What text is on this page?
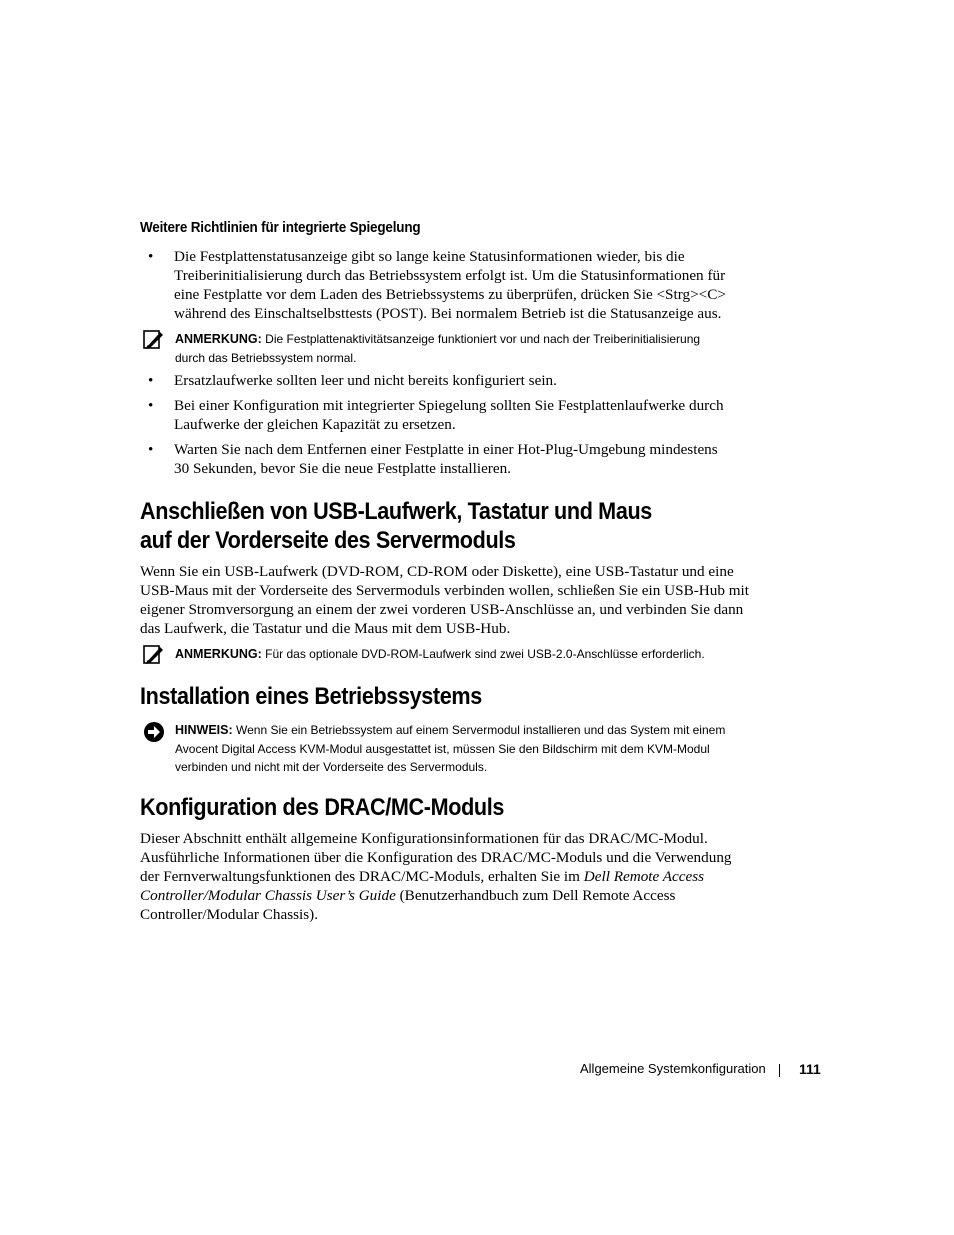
Weitere Richtlinien für integrierte Spiegelung
• Die Festplattenstatusanzeige gibt so lange keine Statusinformationen wieder, bis die
Treiberinitialisierung durch das Betriebssystem erfolgt ist. Um die Statusinformationen für
eine Festplatte vor dem Laden des Betriebssystems zu überprüfen, drücken Sie <Strg><C>
während des Einschaltselbsttests (POST). Bei normalem Betrieb ist die Statusanzeige aus.
ANMERKUNG: Die Festplattenaktivitätsanzeige funktioniert vor und nach der Treiberinitialisierung
durch das Betriebssystem normal.
• Ersatzlaufwerke sollten leer und nicht bereits konfiguriert sein.
• Bei einer Konfiguration mit integrierter Spiegelung sollten Sie Festplattenlaufwerke durch
Laufwerke der gleichen Kapazität zu ersetzen.
• Warten Sie nach dem Entfernen einer Festplatte in einer Hot-Plug-Umgebung mindestens
30 Sekunden, bevor Sie die neue Festplatte installieren.
Anschließen von USB-Laufwerk, Tastatur und Maus
auf der Vorderseite des Servermoduls
Wenn Sie ein USB-Laufwerk (DVD-ROM, CD-ROM oder Diskette), eine USB-Tastatur und eine
USB-Maus mit der Vorderseite des Servermoduls verbinden wollen, schließen Sie ein USB-Hub mit
eigener Stromversorgung an einem der zwei vorderen USB-Anschlüsse an, und verbinden Sie dann
das Laufwerk, die Tastatur und die Maus mit dem USB-Hub.
ANMERKUNG: Für das optionale DVD-ROM-Laufwerk sind zwei USB-2.0-Anschlüsse erforderlich.
Installation eines Betriebssystems
HINWEIS: Wenn Sie ein Betriebssystem auf einem Servermodul installieren und das System mit einem
Avocent Digital Access KVM-Modul ausgestattet ist, müssen Sie den Bildschirm mit dem KVM-Modul
verbinden und nicht mit der Vorderseite des Servermoduls.
Konfiguration des DRAC/MC-Moduls
Dieser Abschnitt enthält allgemeine Konfigurationsinformationen für das DRAC/MC-Modul.
Ausführliche Informationen über die Konfiguration des DRAC/MC-Moduls und die Verwendung
der Fernverwaltungsfunktionen des DRAC/MC-Moduls, erhalten Sie im Dell Remote Access
Controller/Modular Chassis User’s Guide (Benutzerhandbuch zum Dell Remote Access
Controller/Modular Chassis).
Allgemeine Systemkonfiguration 111
